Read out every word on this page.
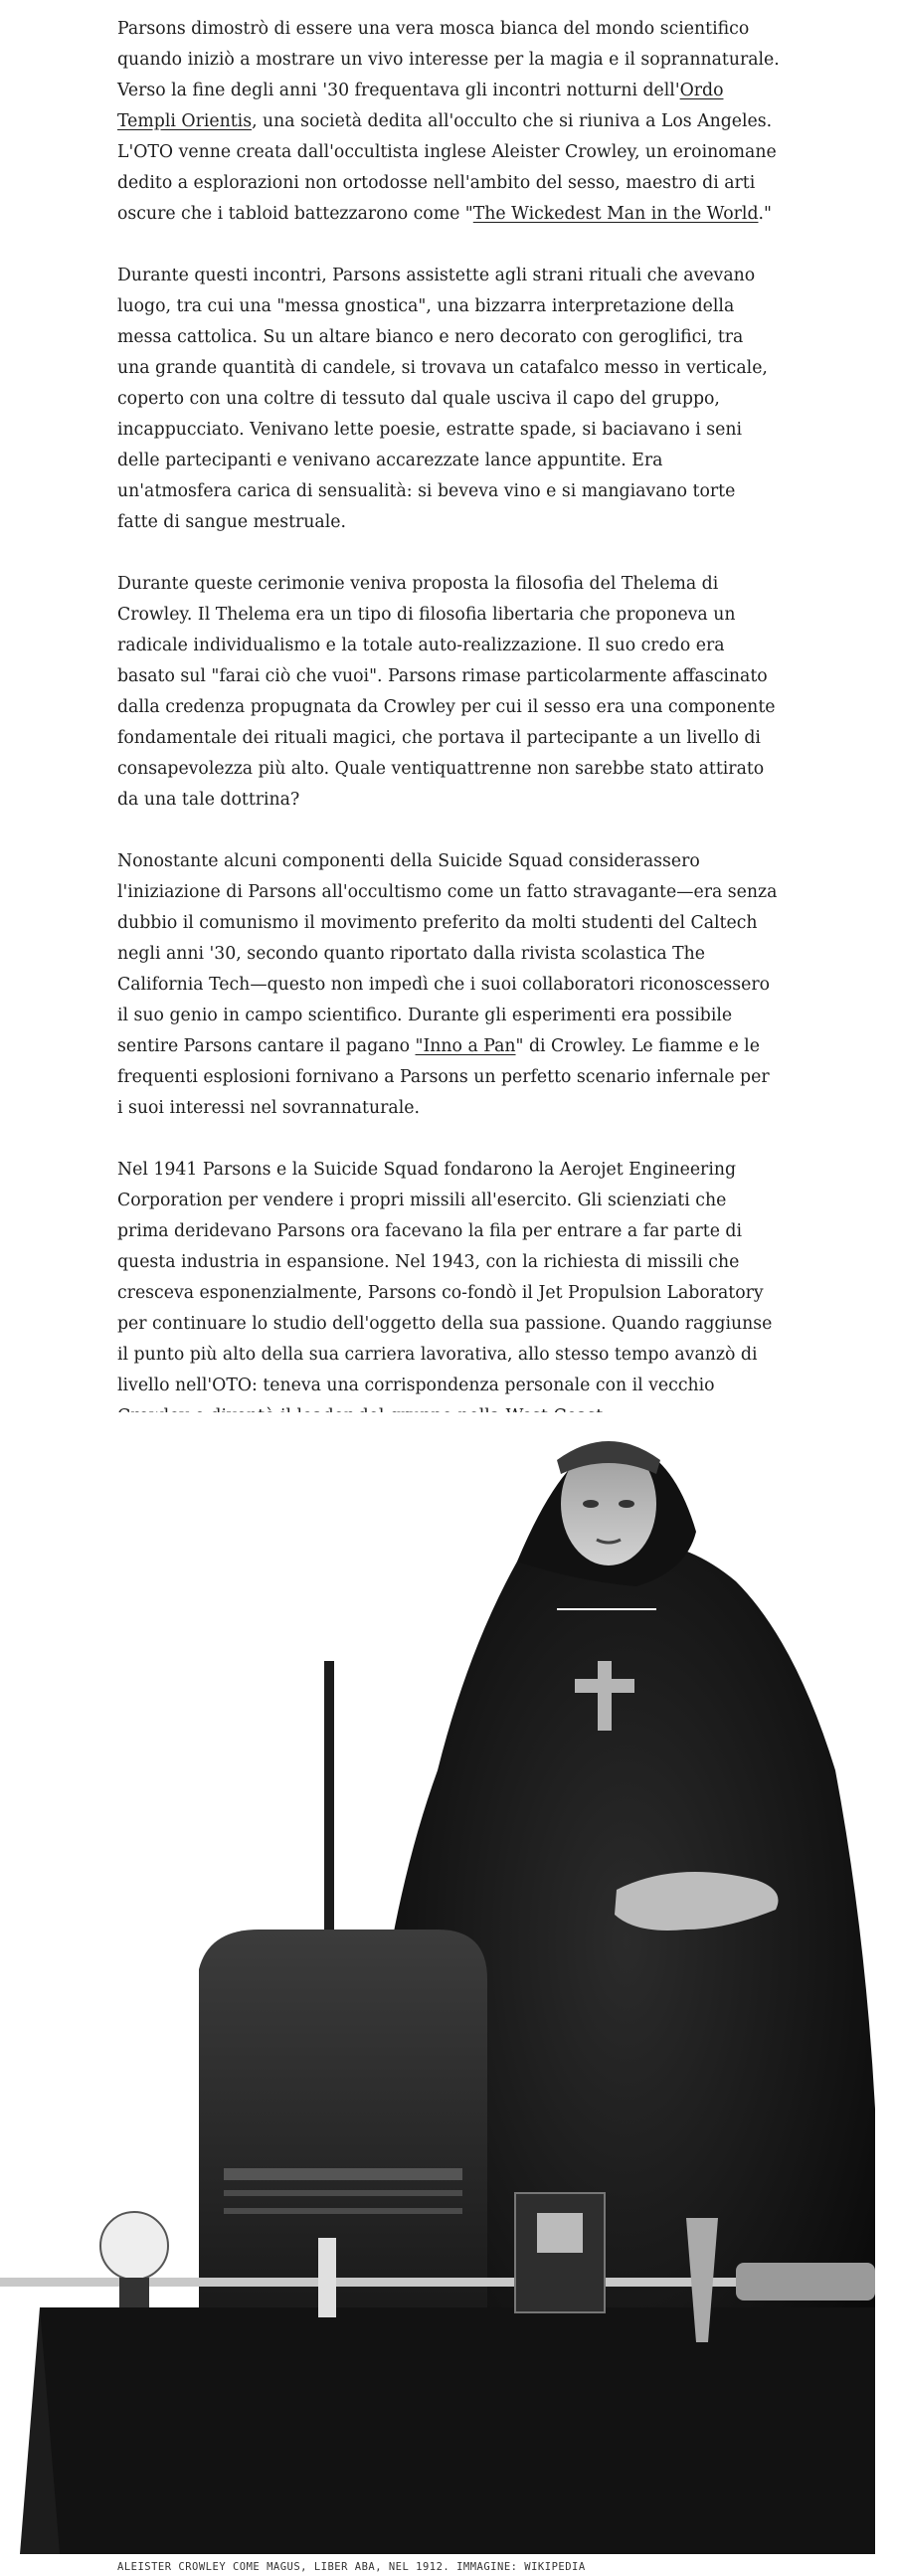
Parsons dimostrò di essere una vera mosca bianca del mondo scientifico quando iniziò a mostrare un vivo interesse per la magia e il soprannaturale. Verso la fine degli anni '30 frequentava gli incontri notturni dell'Ordo Templi Orientis, una società dedita all'occulto che si riuniva a Los Angeles. L'OTO venne creata dall'occultista inglese Aleister Crowley, un eroinomane dedito a esplorazioni non ortodosse nell'ambito del sesso, maestro di arti oscure che i tabloid battezzarono come "The Wickedest Man in the World."

Durante questi incontri, Parsons assistette agli strani rituali che avevano luogo, tra cui una "messa gnostica", una bizzarra interpretazione della messa cattolica. Su un altare bianco e nero decorato con geroglifici, tra una grande quantità di candele, si trovava un catafalco messo in verticale, coperto con una coltre di tessuto dal quale usciva il capo del gruppo, incappucciato. Venivano lette poesie, estratte spade, si baciavano i seni delle partecipanti e venivano accarezzate lance appuntite. Era un'atmosfera carica di sensualità: si beveva vino e si mangiavano torte fatte di sangue mestruale.

Durante queste cerimonie veniva proposta la filosofia del Thelema di Crowley. Il Thelema era un tipo di filosofia libertaria che proponeva un radicale individualismo e la totale auto-realizzazione. Il suo credo era basato sul "farai ciò che vuoi". Parsons rimase particolarmente affascinato dalla credenza propugnata da Crowley per cui il sesso era una componente fondamentale dei rituali magici, che portava il partecipante a un livello di consapevolezza più alto. Quale ventiquattrenne non sarebbe stato attirato da una tale dottrina?

Nonostante alcuni componenti della Suicide Squad considerassero l'iniziazione di Parsons all'occultismo come un fatto stravagante—era senza dubbio il comunismo il movimento preferito da molti studenti del Caltech negli anni '30, secondo quanto riportato dalla rivista scolastica The California Tech—questo non impedì che i suoi collaboratori riconoscessero il suo genio in campo scientifico. Durante gli esperimenti era possibile sentire Parsons cantare il pagano "Inno a Pan" di Crowley. Le fiamme e le frequenti esplosioni fornivano a Parsons un perfetto scenario infernale per i suoi interessi nel sovrannaturale.

Nel 1941 Parsons e la Suicide Squad fondarono la Aerojet Engineering Corporation per vendere i propri missili all'esercito. Gli scienziati che prima deridevano Parsons ora facevano la fila per entrare a far parte di questa industria in espansione. Nel 1943, con la richiesta di missili che cresceva esponenzialmente, Parsons co-fondò il Jet Propulsion Laboratory per continuare lo studio dell'oggetto della sua passione. Quando raggiunse il punto più alto della sua carriera lavorativa, allo stesso tempo avanzò di livello nell'OTO: teneva una corrispondenza personale con il vecchio

ALEISTER CROWLEY COME MAGUS, LIBER ABA, NEL 1912. IMMAGINE: WIKIPEDIA
